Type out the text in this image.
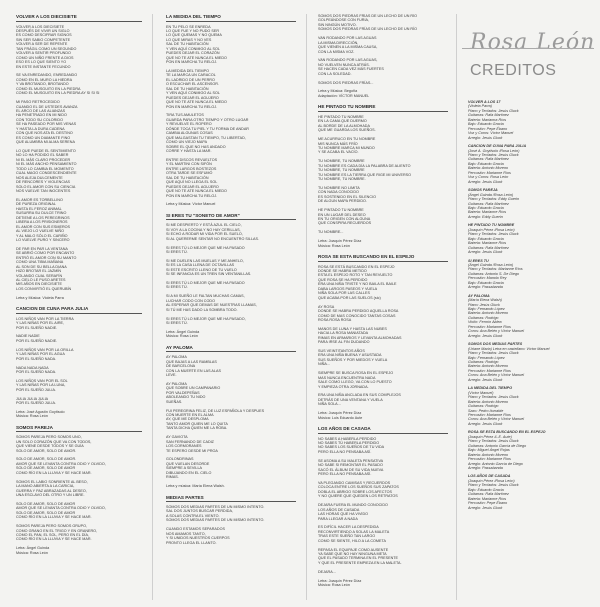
VOLVER A LOS DIECISIETE
VOLVER A LOS DIECISIETE
DESPUÉS DE VIVIR UN SIGLO
ES COMO DESCIFRAR SIGNOS
SIN SER SABIO COMPETENTE
VOLVER A SER DE REPENTE
TAN FRÁGIL COMO UN SEGUNDO
VOLVER A SENTIR PROFUNDO
COMO UN NIÑO FRENTE A DIOS
ESO ES LO QUE SIENTO YO
EN ESTE INSTANTE FECUNDO
SE VA ENREDANDO, ENREDANDO
COMO EN EL MURO LA HIEDRA
Y VA BROTANDO, BROTANDO
COMO EL MUSGUITO EN LA PIEDRA
COMO EL MUSGUITO EN LA PIEDRA AY SI SI SI
MI PASO RETROCEDIDO
CUANDO EL DE USTEDES AVANZA
EL ARCO DE LAS ALIANZAS
HA PENETRADO EN MI NIDO
CON TODO SU COLORIDO
SE HA PASEADO POR MIS VENAS
Y HASTA LA DURA CADENA
CON QUE NOS ATA EL DESTINO
ES COMO UN DIAMANTE FINO
QUE ALUMBRA MI ALMA SERENA
LO QUE PUEDE EL SENTIMIENTO
NO LO HA PODIDO EL SABER
NI EL MÁS CLARO PROCEDER
NI EL MÁS ANCHO PENSAMIENTO
TODO LO CAMBIA EL MOMENTO
CUAL MAGO CONDESCENDIENTE
NOS ALEJA DULCEMENTE
DE RENCORES Y VIOLENCIAS
SOLO EL AMOR CON SU CIENCIA
NOS VUELVE TAN INOCENTES
EL AMOR ES TORBELLINO
DE PUREZA ORIGINAL
HASTA EL FEROZ ANIMAL
SUSURRA SU DULCE TRINO
DETIENE A LOS PEREGRINOS
LIBERA A LOS PRISIONEROS
EL AMOR CON SUS ESMEROS
AL VIEJO LO VUELVE NIÑO
Y AL MALO SÓLO EL CARIÑO
LO VUELVE PURO Y SINCERO
DE PAR EN PAR LA VENTANA
SE ABRIÓ COMO POR ENCANTO
ENTRÓ EL AMOR CON SU MANTO
COMO UNA TIBIA MAÑANA
AL SON DE SU BELLA DIANA
HIZO BROTAR EL JAZMÍN
VOLANDO CUAL SERAFÍN
AL CIELO LE PUSO ARETES
MIS AÑOS EN DIECISIETE
LOS CONVIRTIÓ EL QUERUBÍN
Letra y Música: Violeta Parra
CANCION DE CUNA PARA JULIA
LOS NIÑOS VAN POR LA TIERRA
Y LAS NIÑAS POR EL AIRE,
POR EL SUEÑO NADIE.
NADIE NADIE
POR EL SUEÑO NADIE.
LOS NIÑOS VAN POR LA ORILLA
Y LAS NIÑAS POR EL AGUA
POR EL SUEÑO NADA.
NADA NADA NADA
POR EL SUEÑO NADA.
LOS NIÑOS VAN POR EL SOL
Y LAS NIÑAS POR LA LUNA,
POR EL SUEÑO JULIA.
JULIA JULIA JULIA
POR EL SUEÑO JULIA.
Letra: José Agustín Goytisolo
Música: Rosa León
SOMOS PAREJA
SOMOS PAREJA PERO SOMOS UNO,
UN SOLO CORAZÓN QUE VA CON TODOS,
QUE VIENE DESDE TODOS Y SE GUÍA
SOLO DE AMOR, SOLO DE AMOR.
SOLO DE AMOR, SOLO DE AMOR.
AMOR QUE SE LEVANTA CONTRA ODIO Y OLVIDO,
SOLO DE AMOR, SOLO DE AMOR
COMO RÍO EN LA LLUVIA Y SE HACE MAR.
SOMOS EL LABIO SONRIENTE AL BESO,
LA MANO ABIERTA A LA CARICIA,
GUERRA Y PAZ ABRAZADAS AL DESEO,
UNA ESCLAVO DEL OTRO Y UN LIBRE.
SOLO DE AMOR, SOLO DE AMOR
AMOR QUE SE LEVANTA CONTRA ODIO Y OLVIDO,
SOLO DE AMOR, SOLO DE AMOR
COMO RÍO EN LA LLUVIA Y SE HACE MAR.
SOMOS PAREJA PERO SOMOS GRUPO,
COMO GRANO EN EL TRIGO Y EN GRANERO,
COMO EL PAN, EL SOL, PERO EN EL DÍA,
COMO RÍO EN LA LLUVIA Y SE HACE MAR.
Letra: Ángel Guinda
Música: Rosa León
LA MEDIDA DEL TIEMPO
EN TU PELO SE ENREDA
LO QUE FUE Y NO PUDO SER
LO QUE QUEMAS Y NO QUEMA
LO QUE MIRAS Y NO VES
SAL DE TU HABITACIÓN
Y VEN AQUÍ CONMIGO AL SOL
PUEDES DEJAR EL CORAZÓN
QUE NO TE ATE NUNCA EL MIEDO
PON EN MARCHA TU RELOJ.
LA MEDIDA DEL TIEMPO
TE LA MARCA UN CARACOL
EL LADRIDO DE UN PERRO
O ESCUCHAR EL ASCENSOR.
SAL DE TU HABITACIÓN
Y VEN AQUÍ CONMIGO AL SOL
PUEDES DEJAR EL AGUJERO
QUE NO TE ATE NUNCA EL MIEDO
PON EN MARCHA TU RELOJ.
TIRA TUS AMULETOS
GUARDA PARA OTRO TIEMPO Y OTRO LUGAR
Y REVUELVE EL ROPERO
DÓNDE TOCA TU PIEL Y TU FORMA DE ANDAR
CAMBIA ALGUNAS COSAS
QUE MALGASTAN TU TIEMPO, TU LIBERTAD,
COMO UN VIEJO MAPA
SOBRE EL QUE NO HAS ANDADO
CORRE Y HASTA LA MAR.
ENTRE DISCOS REVUELTOS
Y EL MARTINI CON SIFÓN
ENTRE LARGOS BOSTEZOS
OTRA TARDE SE ESFUMÓ
SAL DE TU HABITACIÓN
QUE AQUÍ NO LLEGA EL SOL
PUEDES DEJAR EL AGUJERO
QUE NO TE ATE NUNCA EL MIEDO
PON EN MARCHA TU RELOJ.
Letra y Música: Víctor Manuel
SI ERES TU "SONETO DE AMOR"
SI ME DESPIERTO Y ESTÁ AZUL EL CIELO,
SI VOY A LA COCINA Y NO HAY CERILLAS,
SI ECHO A RODAR MI VIDA POR EL SUELO,
SI AL QUERERME SENTAR NO ENCUENTRO SILLAS.
SI ERES TÚ LO MEJOR QUE ME HA PASADO
SI ERES TÚ.
SI ME DUELEN LAS MUELAS Y ME ANHELO,
SI ES LA CASA LLENA DE OCTAVILLAS
SI ESTE ESCRITO LLENO DE TU VUELO
SI SE INFANCIA ES UN TREN SIN VENTANILLAS.
SI ERES TÚ LO MEJOR QUE ME HA PASADO
SI ERES TÚ.
SI A MI SUEÑO LE FALTAN MUCHAS CAMAS,
LUCHAR CODO CON CODO
AL ESPERAR QUE DEMAS DE NUESTRAS LLAMAS,
SI TÚ ME HAS DADO LA SOMBRA TODO.
SI ERES TÚ LO MEJOR QUE ME HA PASADO,
SI ERES TÚ.
Letra: Ángel Guinda
Música: Rosa León
AY PALOMA
AY PALOMA
QUE BAJAS A LAS RAMBLAS
DE BARCELONA
CON LA MUERTE EN LAS ALAS
LEVE.
AY PALOMA
QUE SOBRE UN CAMPANARIO
POR VALDEPEÑAS
ABOLEANDO TU NIDO
SUEÑAS.
FUI PEREGRINA FELIZ, DE LUZ ESPAÑOLA Y DESPUES
CON MUERTE EN EL ALMA
AY, QUE ME DESPLOMA
TANTO AMOR QUIEN ME LO QUITA
TANTA DICHA QUIEN ME LA ROBA.
AY GAVIOTA
SAN FERNANDO DE CADIZ
LOS CORMORANES
TE ESPERO DESDE MI PROA
GOLONDRINAS
QUE VUELAN DESORDE
SIEMPRE A SEVILLA
DIBUJANDO EN EL CIELO
RIMAS.
Letra y música: María Elena Walsh.
MEDIAS PARTES
SOMOS DOS MEDIAS PARTES DE UN MISMO INTENTO.
SAL DOS JUNTOS BUSCAR PERDIDA,
A SOLAS CONTRA EL VIENTO.
SOMOS DOS MEDIAS PARTES DE UN MISMO INTENTO.
CUANDO ESTAMOS SEPARADOS
NOS AMAMOS TANTO,
Y SI UNIDOS NUESTROS CUERPOS
PRONTO LLEGA EL LLANTO.
SOMOS DOS PIEDRAS FRÍAS DE UN LECHO DE UN RÍO
GOLPEÁNDOSE CON FURIA,
SIN NINGÚN MOTIVO.
SOMOS DOS PIEDRAS FRÍAS DE UN LECHO DE UN RÍO
VAN RODANDO POR LAS AGUAS
LA MISMA DIRECCIÓN,
QUE VIENEN A LA MISMA CAUSA,
CON LA MISMA VOZ.
VAN RODANDO POR LAS AGUAS,
NO VUELVEN NUNCA ATRÁS.
SE HACEN CADA VEZ MÁS FUERTES
CON LA SOLEDAD.
SOMOS DOS PIEDRAS FRÍAS...
Letra y Música: Begoña
Adaptación: VÍCTOR MANUEL
HE PINTADO TU NOMBRE
HE PINTADO TU NOMBRE
EN LA CAMA QUE DUERMO
AL BORDE DE LA ALMOHADA
QUE ME GUARDA LOS SUEÑOS.
ME ACURRUCO EN TU NOMBRE
MIS NUNCA MÁS FRÍO
TU NOMBRE MARCA MI MUNDO
Y SE ACABA EL VACÍO.
TU NOMBRE, TU NOMBRE
TU NOMBRE ES CADA DÍA LA PALABRA DE ALIENTO
TU NOMBRE, TU NOMBRE
TU NOMBRE ES LA TIERRA QUE RIGE MI UNIVERSO
TU NOMBRE, TU NOMBRE.
TU NOMBRE NO LIMITA
CON NADA CONOCIDO
ES SOSTENIDO EN EL SILENCIO
DE ALGUN MAPA PERDIDO.
HE PINTADO TU NOMBRE
EN UN LUGAR DEL DESEO
EN TU ORIGEN CON ALGUNA
QUE CONSPIRA RECUERDOS
TU NOMBRE...
Letra: Joaquín Pérez Díaz
Música: Rosa León
ROSA SE ESTA BUSCANDO EN EL ESPEJO
ROSA SE ESTÁ BUSCANDO EN EL ESPEJO
DONDE SE HABRÁ METIDO
ESTA EL ESPEJO ROTO Y TAN REVUELTO
QUE ROSA SE HA PERDIDO
ERA UNA NIÑA TRISTE Y NO BAILA EL BAILE
DABA LARGOS PASEOS Y VUELA
NIÑA SOLA POR LAS CALLES
QUE ACABA POR LAS SUELOS (sic)
AY ROSA
DONDE SE HABRA PERDIDO AQUELLA ROSA
COMO DE MAS CONOCIDO TANTAS COSAS
ROSA ROSA ROSA
MANOS DE LUNA Y HASTA LAS NUBES
HACIA LA ROSA MANIATADA
RIMAS EN ARMARIOS Y LEVANTA ALMOHADAS
PARA IRSE AL FIN DUDANDO
SUS VEINTITANTOS AÑOS
ERA UNA NIÑA BUENA Y ASUSTADA
SUS SUEÑOS Y POR MIEDOS Y VUELA
NIÑA...
SIEMPRE SE BUSCA ROSA EN EL ESPEJO
MAS NUNCA ENCUENTRA NADA
SALE COMO LLEGO, VA CON LO PUESTO
Y EMPIEZA OTRA JORNADA.
ERA UNA NIÑA ANCLADA EN SUS COMPLEJOS
DETRÁS DE UNA VENTANA Y VUELA
NIÑA SOLA...
Letra: Joaquín Pérez Díaz
Música: Luis Eduardo Aute
LOS AÑOS DE CASADA
NO SABES A HABERLA PERDIDO
NO SABES TÚ HABERLA PERDIDO
NO SABES LOS SUEÑOS DE TU VIDA
PERO ELLA NO PENSABA ASÍ.
SE ASOMA A SU MALETA PENSATIVA
NO SABE SI REMONTAR EL PASADO
SACÓ EL ÁLBUM DE SU VIDA NUEVA
PERO ELLA NO PENSABA ASÍ.
VA PLEGANDO CAMISAS Y RECUERDOS
COLOCA ENTRE LOS SUEÑOS SUS ZAPATOS
DOBLA EL ABRIGO SOBRE LOS AFECTOS
Y NO QUIERE QUE QUEDEN LOS RETRATOS
DEJARA FUERA EL MUNDO CONOCIDO
LOS AÑOS DE CASADA
LAS HORAS QUE HA VIVIDO
PARA LLEGAR A NADA
ES DIFÍCIL HACER LA DESPEDIDA
RECONVIRTIENDO A SOLAS LA MALETA
TRAS ESTE SUEÑO TAN LARGO
COMO SE SIENTE, HILO A LA COMETA
REPASA EL EQUIPAJE COMO AUSENTE
YA SABE QUE NO HAY NINGUNA META
QUE EL PASADO TERMINA EN EL PRESENTE
Y QUE EL PRESENTE EMPIEZA EN LA MALETA.
DEJARA...
Letra: Joaquín Pérez Díaz
Música: Rosa León
Rosa León
CREDITOS
VOLVER A LOS 17
(Violeta Parra)
Piano y Teclados: Jesús Gluck
Guitarras: Rafa Martínez
Bateria: Marianna Ríos
Bajo: Eduardo Gracia
Percusión: Pepe Ébano
Voz y Coros: Víctor Manuel
Arreglo: Jesús Gluck
CANCION DE CUNA PARA JULIA
(José A. Goytisolo /Rosa León)
Piano y Teclados: Jesús Gluck
Guitarras: Rafa Martínez
Bajo: Eduardo Gracia
Bateria: Antonio Moreno
Percusión: Marianne Ríos
Voz y Coros: Rosa León
Arreglo: Jesús Gluck
SOMOS PAREJA
(Ángel Guinda /Rosa León)
Piano y Teclados: Eddy Guerin
Guitarras: Rafa Martínez
Bajo: Eduardo Gracia
Bateria: Marianne Ríos
Arreglo: Eddy Guerin
HE PINTADO TU NOMBRE
(Joaquín Pérez /Rosa León)
Piano y Teclados: Jesús Gluck
Bajo: Eduardo Gracia
Bateria: Marianne Ríos
Guitarras: Rafa Martínez
Arreglo: Jesús Gluck
SI ERES TU
(Ángel Guinda /Rosa León)
Piano y Teclados: Marianne Ríos
Guitarras: Antonio S. De Diego
Percusión: Manolo Rey
Bajo: Eduardo Gracia
Arreglo: Passabanda
AY PALOMA
(María Elena Walsh)
Piano: Jesús Gluck
Bajo: Fernando López
Bateria: Antonio Moreno
Guitarras: Rodrigo
Violín: Fermín Aldea
Percusión: Marianne Ríos
Coros: Ana Belén y Víctor Manuel
Arreglo: Jesús Gluck
SOMOS DOS MEDIAS PARTES
(Uriane Maria) Letra en castellano: Víctor Manuel
Piano y Teclados: Jesús Gluck
Bajo: Fernando López
Guitarras: Rodrigo
Bateria: Antonio Moreno
Percusión: Marianne Ríos
Coros: Ana Belén y Víctor Manuel
Arreglo: Jesús Gluck
LA MEDIDA DEL TIEMPO
(Víctor Manuel)
Piano y Teclados: Jesús Gluck
Bateria: Antonio Moreno
Guitarras: Rodrigo
Saxo: Pedro Iturralde
Percusión: Marianne Ríos
Coros: Ana Belén y Víctor Manuel
Arreglo: Jesús Gluck
ROSA SE ESTA BUSCANDO EN EL ESPEJO
(Joaquín Pérez /L.E. Aute)
Piano y Teclados: Jesús Gluck
Guitarras: Antonio García de Diego
Bajo: Miguel Ángel Rojas
Bateria: Antonio Moreno
Percusión: Marianne Ríos
Arreglo: Antonio García de Diego
Arreglo: Passabanda
LOS AÑOS DE CASADA
(Joaquín Pérez /Rosa León)
Piano y Teclados: Jesús Gluck
Bajo: Eduardo Gracia
Guitarras: Rafa Martínez
Bateria: Marianne Ríos
Percusión: Pepe Ébano
Arreglo: Jesús Gluck
